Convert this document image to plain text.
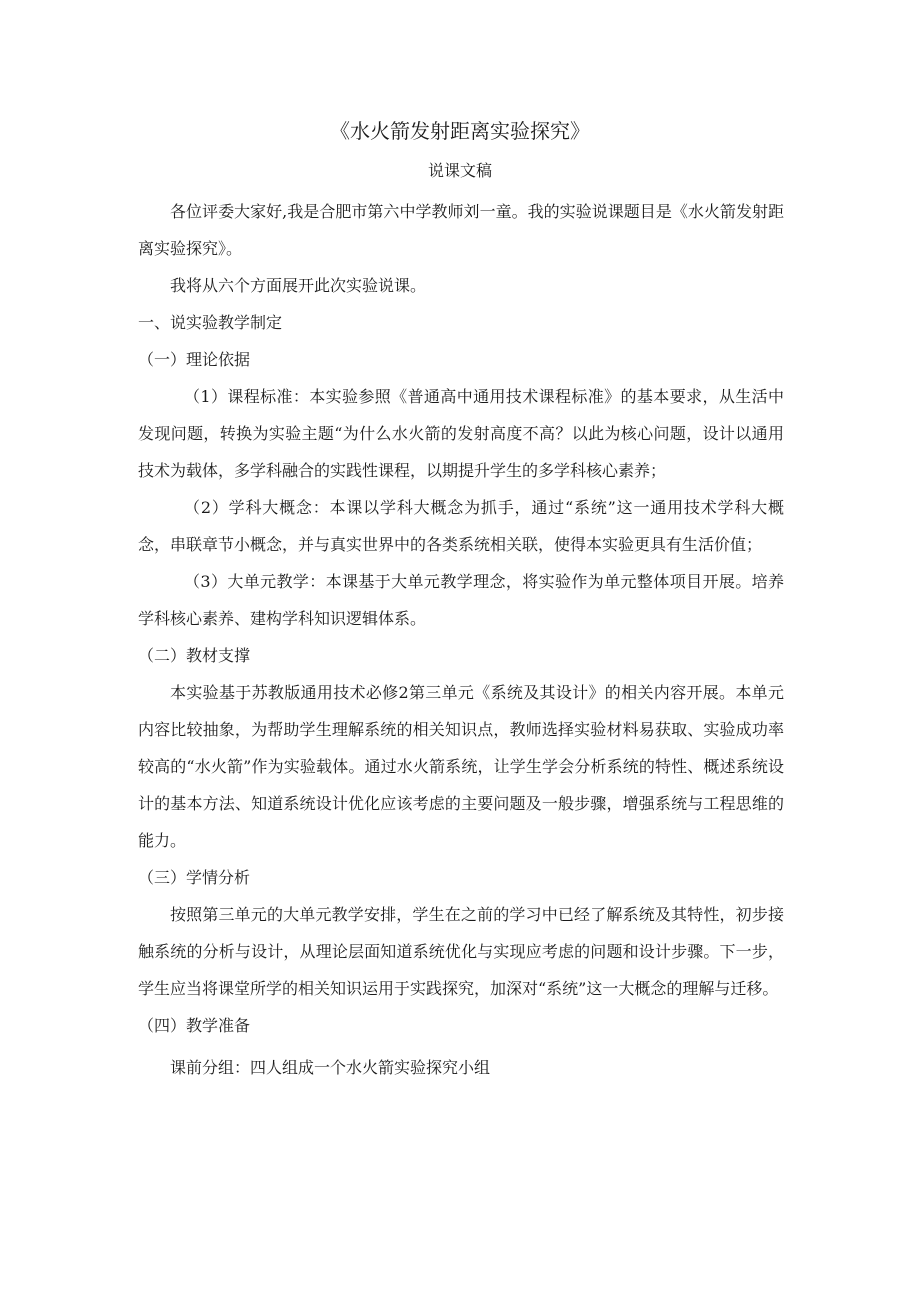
《水火箭发射距离实验探究》
说课文稿

各位评委大家好,我是合肥市第六中学教师刘一童。我的实验说课题目是《水火箭发射距离实验探究》。

我将从六个方面展开此次实验说课。

一、说实验教学制定

（一）理论依据

（1）课程标准：本实验参照《普通高中通用技术课程标准》的基本要求，从生活中发现问题，转换为实验主题“为什么水火箭的发射高度不高？以此为核心问题，设计以通用技术为载体，多学科融合的实践性课程，以期提升学生的多学科核心素养；

（2）学科大概念：本课以学科大概念为抓手，通过“系统”这一通用技术学科大概念，串联章节小概念，并与真实世界中的各类系统相关联，使得本实验更具有生活价值；

（3）大单元教学：本课基于大单元教学理念，将实验作为单元整体项目开展。培养学科核心素养、建构学科知识逻辑体系。

（二）教材支撑

本实验基于苏教版通用技术必修2第三单元《系统及其设计》的相关内容开展。本单元内容比较抽象，为帮助学生理解系统的相关知识点，教师选择实验材料易获取、实验成功率较高的“水火箭”作为实验载体。通过水火箭系统，让学生学会分析系统的特性、概述系统设计的基本方法、知道系统设计优化应该考虑的主要问题及一般步骤，增强系统与工程思维的能力。

（三）学情分析

按照第三单元的大单元教学安排，学生在之前的学习中已经了解系统及其特性，初步接触系统的分析与设计，从理论层面知道系统优化与实现应考虑的问题和设计步骤。下一步，学生应当将课堂所学的相关知识运用于实践探究，加深对“系统”这一大概念的理解与迁移。

（四）教学准备

课前分组：四人组成一个水火箭实验探究小组
